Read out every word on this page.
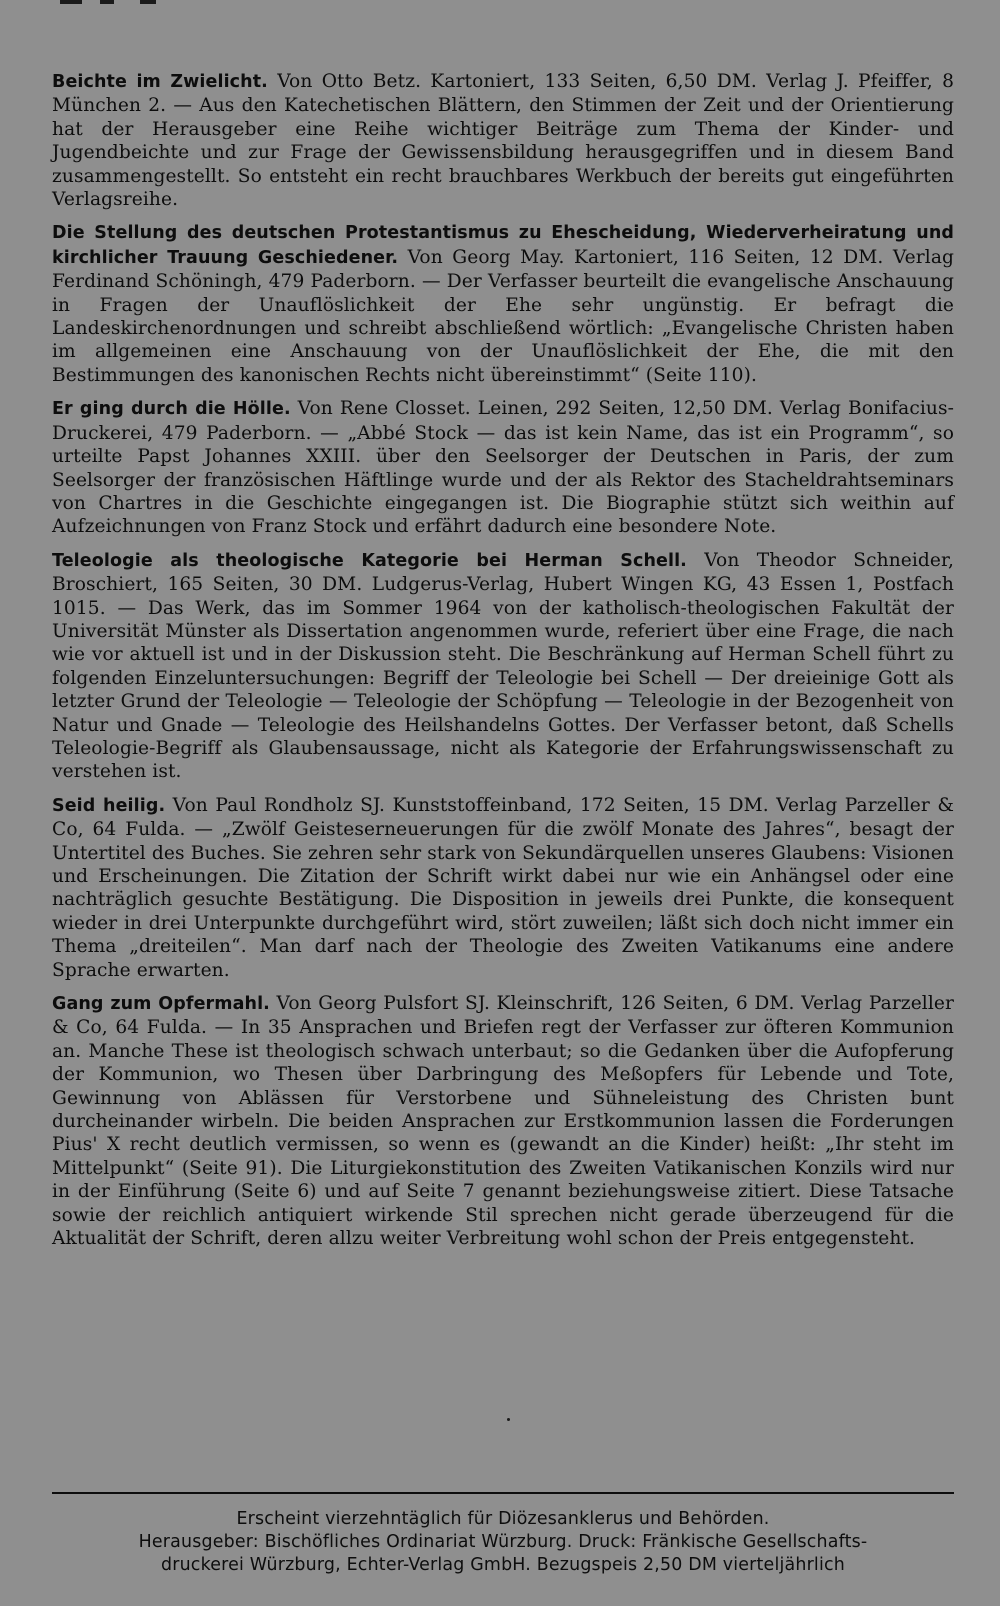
Beichte im Zwielicht. Von Otto Betz. Kartoniert, 133 Seiten, 6,50 DM. Verlag J. Pfeiffer, 8 München 2. — Aus den Katechetischen Blättern, den Stimmen der Zeit und der Orientierung hat der Herausgeber eine Reihe wichtiger Beiträge zum Thema der Kinder- und Jugendbeichte und zur Frage der Gewissensbildung herausgegriffen und in diesem Band zusammengestellt. So entsteht ein recht brauchbares Werkbuch der bereits gut eingeführten Verlagsreihe.

Die Stellung des deutschen Protestantismus zu Ehescheidung, Wiederverheiratung und kirchlicher Trauung Geschiedener. Von Georg May. Kartoniert, 116 Seiten, 12 DM. Verlag Ferdinand Schöningh, 479 Paderborn. — Der Verfasser beurteilt die evangelische Anschauung in Fragen der Unauflöslichkeit der Ehe sehr ungünstig. Er befragt die Landeskirchenordnungen und schreibt abschließend wörtlich: „Evangelische Christen haben im allgemeinen eine Anschauung von der Unauflöslichkeit der Ehe, die mit den Bestimmungen des kanonischen Rechts nicht übereinstimmt“ (Seite 110).

Er ging durch die Hölle. Von Rene Closset. Leinen, 292 Seiten, 12,50 DM. Verlag Bonifacius-Druckerei, 479 Paderborn. — „Abbé Stock — das ist kein Name, das ist ein Programm“, so urteilte Papst Johannes XXIII. über den Seelsorger der Deutschen in Paris, der zum Seelsorger der französischen Häftlinge wurde und der als Rektor des Stacheldrahtseminars von Chartres in die Geschichte eingegangen ist. Die Biographie stützt sich weithin auf Aufzeichnungen von Franz Stock und erfährt dadurch eine besondere Note.

Teleologie als theologische Kategorie bei Herman Schell. Von Theodor Schneider, Broschiert, 165 Seiten, 30 DM. Ludgerus-Verlag, Hubert Wingen KG, 43 Essen 1, Postfach 1015. — Das Werk, das im Sommer 1964 von der katholisch-theologischen Fakultät der Universität Münster als Dissertation angenommen wurde, referiert über eine Frage, die nach wie vor aktuell ist und in der Diskussion steht. Die Beschränkung auf Herman Schell führt zu folgenden Einzeluntersuchungen: Begriff der Teleologie bei Schell — Der dreieinige Gott als letzter Grund der Teleologie — Teleologie der Schöpfung — Teleologie in der Bezogenheit von Natur und Gnade — Teleologie des Heilshandelns Gottes. Der Verfasser betont, daß Schells Teleologie-Begriff als Glaubensaussage, nicht als Kategorie der Erfahrungswissenschaft zu verstehen ist.

Seid heilig. Von Paul Rondholz SJ. Kunststoffeinband, 172 Seiten, 15 DM. Verlag Parzeller & Co, 64 Fulda. — „Zwölf Geisteserneuerungen für die zwölf Monate des Jahres“, besagt der Untertitel des Buches. Sie zehren sehr stark von Sekundärquellen unseres Glaubens: Visionen und Erscheinungen. Die Zitation der Schrift wirkt dabei nur wie ein Anhängsel oder eine nachträglich gesuchte Bestätigung. Die Disposition in jeweils drei Punkte, die konsequent wieder in drei Unterpunkte durchgeführt wird, stört zuweilen; läßt sich doch nicht immer ein Thema „dreiteilen“. Man darf nach der Theologie des Zweiten Vatikanums eine andere Sprache erwarten.

Gang zum Opfermahl. Von Georg Pulsfort SJ. Kleinschrift, 126 Seiten, 6 DM. Verlag Parzeller & Co, 64 Fulda. — In 35 Ansprachen und Briefen regt der Verfasser zur öfteren Kommunion an. Manche These ist theologisch schwach unterbaut; so die Gedanken über die Aufopferung der Kommunion, wo Thesen über Darbringung des Meßopfers für Lebende und Tote, Gewinnung von Ablässen für Verstorbene und Sühneleistung des Christen bunt durcheinander wirbeln. Die beiden Ansprachen zur Erstkommunion lassen die Forderungen Pius' X recht deutlich vermissen, so wenn es (gewandt an die Kinder) heißt: „Ihr steht im Mittelpunkt“ (Seite 91). Die Liturgiekonstitution des Zweiten Vatikanischen Konzils wird nur in der Einführung (Seite 6) und auf Seite 7 genannt beziehungsweise zitiert. Diese Tatsache sowie der reichlich antiquiert wirkende Stil sprechen nicht gerade überzeugend für die Aktualität der Schrift, deren allzu weiter Verbreitung wohl schon der Preis entgegensteht.

Erscheint vierzehntäglich für Diözesanklerus und Behörden.
Herausgeber: Bischöfliches Ordinariat Würzburg. Druck: Fränkische Gesellschafts-
druckerei Würzburg, Echter-Verlag GmbH. Bezugspeis 2,50 DM vierteljährlich
